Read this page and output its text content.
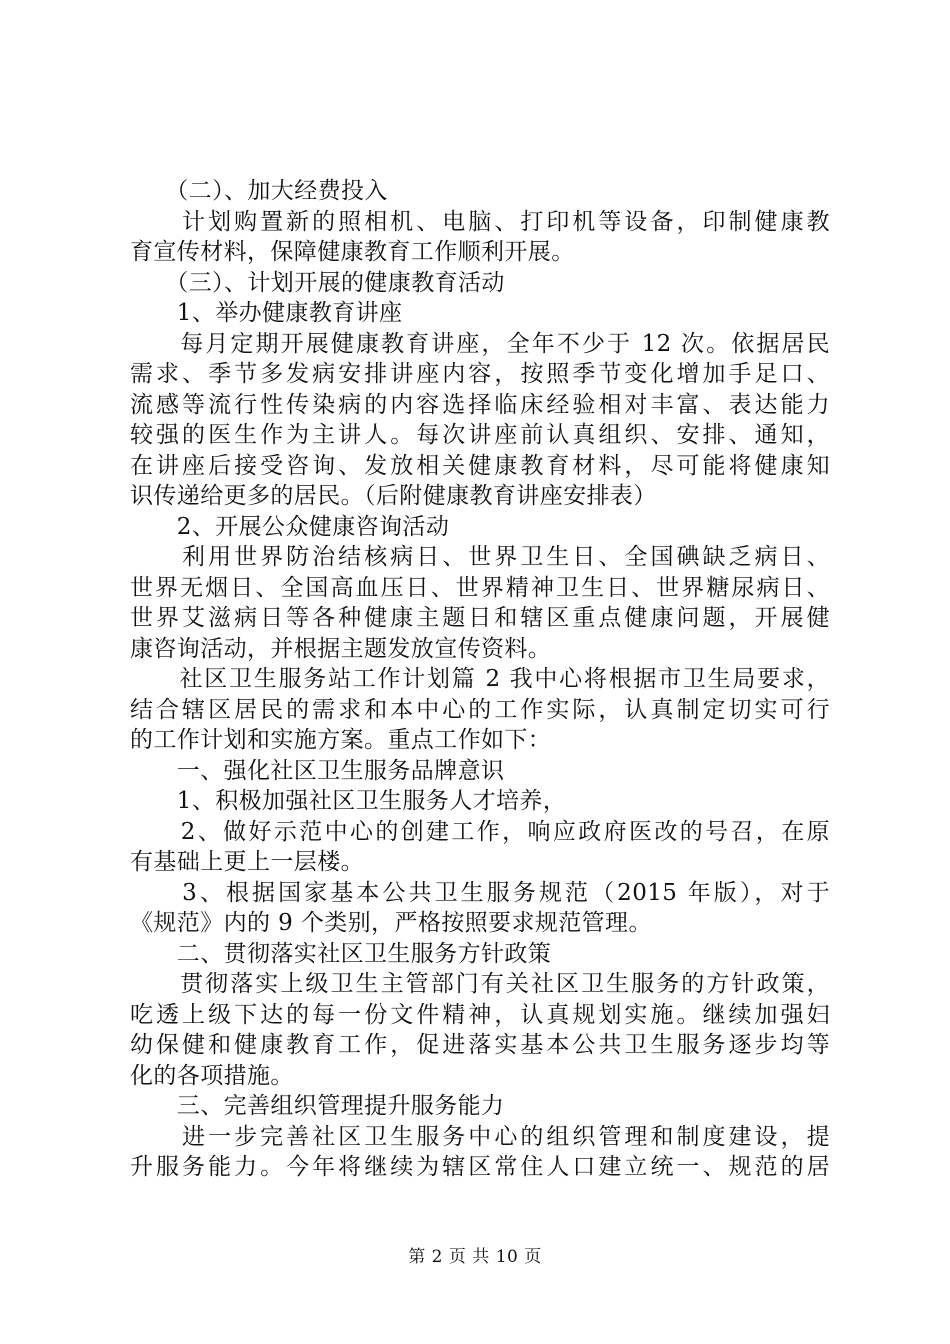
　　（二）、加大经费投入
　　计划购置新的照相机、电脑、打印机等设备，印制健康教
育宣传材料，保障健康教育工作顺利开展。
　　（三）、计划开展的健康教育活动
　　1、举办健康教育讲座
　　每月定期开展健康教育讲座，全年不少于 12 次。依据居民
需求、季节多发病安排讲座内容，按照季节变化增加手足口、
流感等流行性传染病的内容选择临床经验相对丰富、表达能力
较强的医生作为主讲人。每次讲座前认真组织、安排、通知，
在讲座后接受咨询、发放相关健康教育材料，尽可能将健康知
识传递给更多的居民。（后附健康教育讲座安排表）
　　2、开展公众健康咨询活动
　　利用世界防治结核病日、世界卫生日、全国碘缺乏病日、
世界无烟日、全国高血压日、世界精神卫生日、世界糖尿病日、
世界艾滋病日等各种健康主题日和辖区重点健康问题，开展健
康咨询活动，并根据主题发放宣传资料。
　　社区卫生服务站工作计划篇 2 我中心将根据市卫生局要求，
结合辖区居民的需求和本中心的工作实际，认真制定切实可行
的工作计划和实施方案。重点工作如下：
　　一、强化社区卫生服务品牌意识
　　1、积极加强社区卫生服务人才培养，
　　2、做好示范中心的创建工作，响应政府医改的号召，在原
有基础上更上一层楼。
　　3、根据国家基本公共卫生服务规范（2015 年版），对于
《规范》内的 9 个类别，严格按照要求规范管理。
　　二、贯彻落实社区卫生服务方针政策
　　贯彻落实上级卫生主管部门有关社区卫生服务的方针政策，
吃透上级下达的每一份文件精神，认真规划实施。继续加强妇
幼保健和健康教育工作，促进落实基本公共卫生服务逐步均等
化的各项措施。
　　三、完善组织管理提升服务能力
　　进一步完善社区卫生服务中心的组织管理和制度建设，提
升服务能力。今年将继续为辖区常住人口建立统一、规范的居
第 2 页 共 10 页
